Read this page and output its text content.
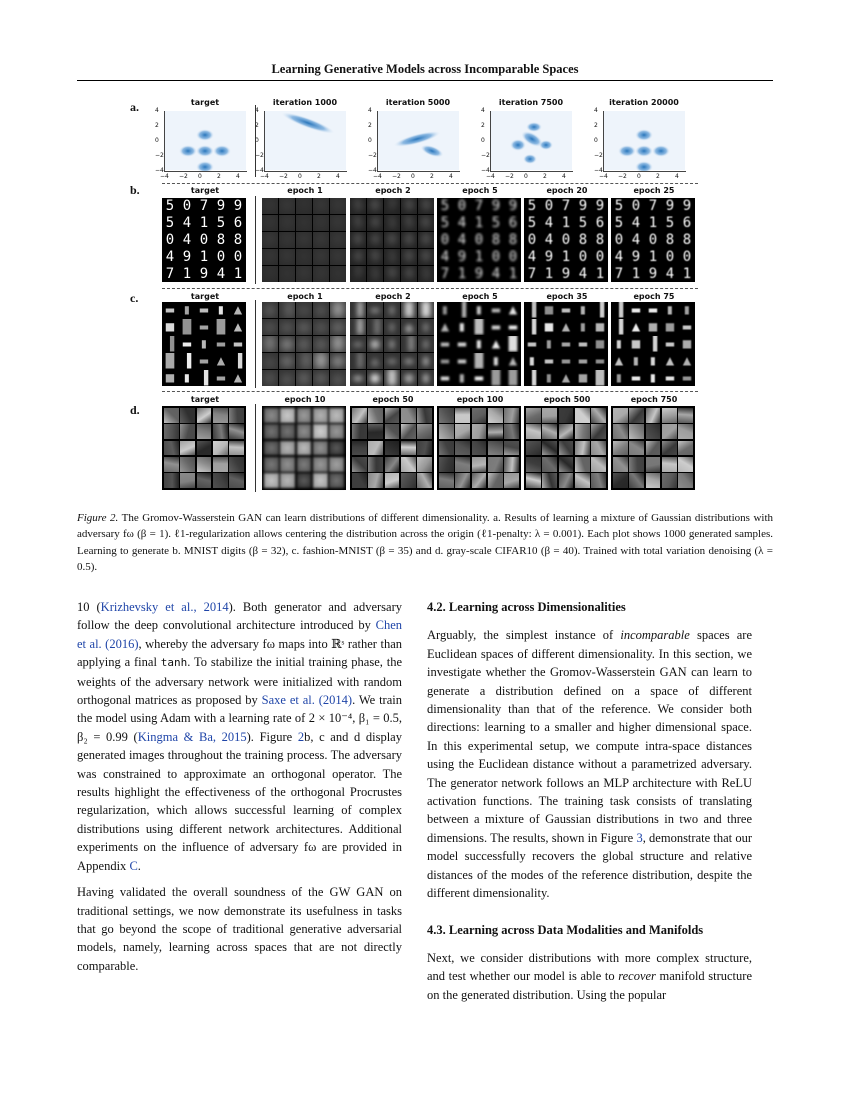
Learning Generative Models across Incomparable Spaces
a.	target
4
2
0
−2
−4
−4 −2 0	2	4
iteration 1000
4
2
0
−2
−4
−4 −2 0	2	4
iteration 5000
4
2
0
−2
−4
−4 −2 0	2	4
iteration 7500
4
2
0
−2
−4
−4 −2 0	2	4
iteration 20000
4
2
0
−2
−4
−4 −2 0	2	4
b.	target
5 0 7 9 9
5 4 1 5 6
0 4 0 8 8
4 9 1 0 0
7 1 9 4 1
epoch 1
5 0 7 9 9
5 4 1 5 6
0 4 0 8 8
4 9 1 0 0
7 1 9 4 1
epoch 2
5 0 7 9 9
5 4 1 5 6
0 4 0 8 8
4 9 1 0 0
7 1 9 4 1
epoch 5
5 0 7 9 9
5 4 1 5 6
0 4 0 8 8
4 9 1 0 0
7 1 9 4 1
epoch 20
5 0 7 9 9
5 4 1 5 6
0 4 0 8 8
4 9 1 0 0
7 1 9 4 1
epoch 25
5 0 7 9 9
5 4 1 5 6
0 4 0 8 8
4 9 1 0 0
7 1 9 4 1
c.	target
▬ ▮ ▬ ▮ ▲
■ █ ▬ █ ▲
▐ ▬ ▮ ▬ ▬
█ ▐ ▬ ▲ ▐
■ ▮ ▐ ▬ ▲
epoch 1
▮ ▐ ▬ ▮ █
▬ ▬ ▬ ▬ ■
█ ■ ▮ ▬ █
▲ ■ ▐ █ ■
▮ ▲ ▮ ▬ ▲
epoch 2
▐ ▬ ▮ █ █
▐ ▐ ▮ ▲ ▮
▬ ■ ▮ ▐ ▮
▐ ▲ ▬ ▬ ▮
▬ ■ █ ■ ▮
epoch 5
▮ ▐ ▮ ▬ ▲
▲ ▮ █ ▬ ▬
▬ ▬ ▮ ▲ █
▬ ▬ █ ▮ ▲
▬ ▮ ▬ █ █
epoch 35
▐ ■ ▬ ▮ ▐
▐ ■ ▲ ▮ ■
▬ ▮ ▬ ▬ ■
▮ ▬ ▬ ▬ ▬
▐ ▮ ▲ ■ █
epoch 75
▐ ▬ ▬ ▮ ▮
▐ ▲ ■ ■ ▬
▮ ■ ▐ ▬ ■
▲ ▮ ▮ ▲ ▲
▮ ▬ ▮ ▬ ▬
d.
target	epoch 10	epoch 50	epoch 100	epoch 500	epoch 750
Figure 2. The Gromov-Wasserstein GAN can learn distributions of different dimensionality. a. Results of learning a mixture of Gaussian distributions with adversary fω (β = 1). ℓ1-regularization allows centering the distribution across the origin (ℓ1-penalty: λ = 0.001). Each plot shows 1000 generated samples. Learning to generate b. MNIST digits (β = 32), c. fashion-MNIST (β = 35) and d. gray-scale CIFAR10 (β = 40). Trained with total variation denoising (λ = 0.5).

10 (Krizhevsky et al., 2014). Both generator and adversary follow the deep convolutional architecture introduced by Chen et al. (2016), whereby the adversary fω maps into ℝˢ rather than applying a final tanh. To stabilize the initial training phase, the weights of the adversary network were initialized with random orthogonal matrices as proposed by Saxe et al. (2014). We train the model using Adam with a learning rate of 2 × 10⁻⁴, β₁ = 0.5, β₂ = 0.99 (Kingma & Ba, 2015). Figure 2b, c and d display generated images throughout the training process. The adversary was constrained to approximate an orthogonal operator. The results highlight the effectiveness of the orthogonal Procrustes regularization, which allows successful learning of complex distributions using different network architectures. Additional experiments on the influence of adversary fω are provided in Appendix C.

Having validated the overall soundness of the GW GAN on traditional settings, we now demonstrate its usefulness in tasks that go beyond the scope of traditional generative adversarial models, namely, learning across spaces that are not directly comparable.

4.2. Learning across Dimensionalities

Arguably, the simplest instance of incomparable spaces are Euclidean spaces of different dimensionality. In this section, we investigate whether the Gromov-Wasserstein GAN can learn to generate a distribution defined on a space of different dimensionality than that of the reference. We consider both directions: learning to a smaller and higher dimensional space. In this experimental setup, we compute intra-space distances using the Euclidean distance without a parametrized adversary. The generator network follows an MLP architecture with ReLU activation functions. The training task consists of translating between a mixture of Gaussian distributions in two and three dimensions. The results, shown in Figure 3, demonstrate that our model successfully recovers the global structure and relative distances of the modes of the reference distribution, despite the different dimensionality.

4.3. Learning across Data Modalities and Manifolds

Next, we consider distributions with more complex structure, and test whether our model is able to recover manifold structure on the generated distribution. Using the popular
